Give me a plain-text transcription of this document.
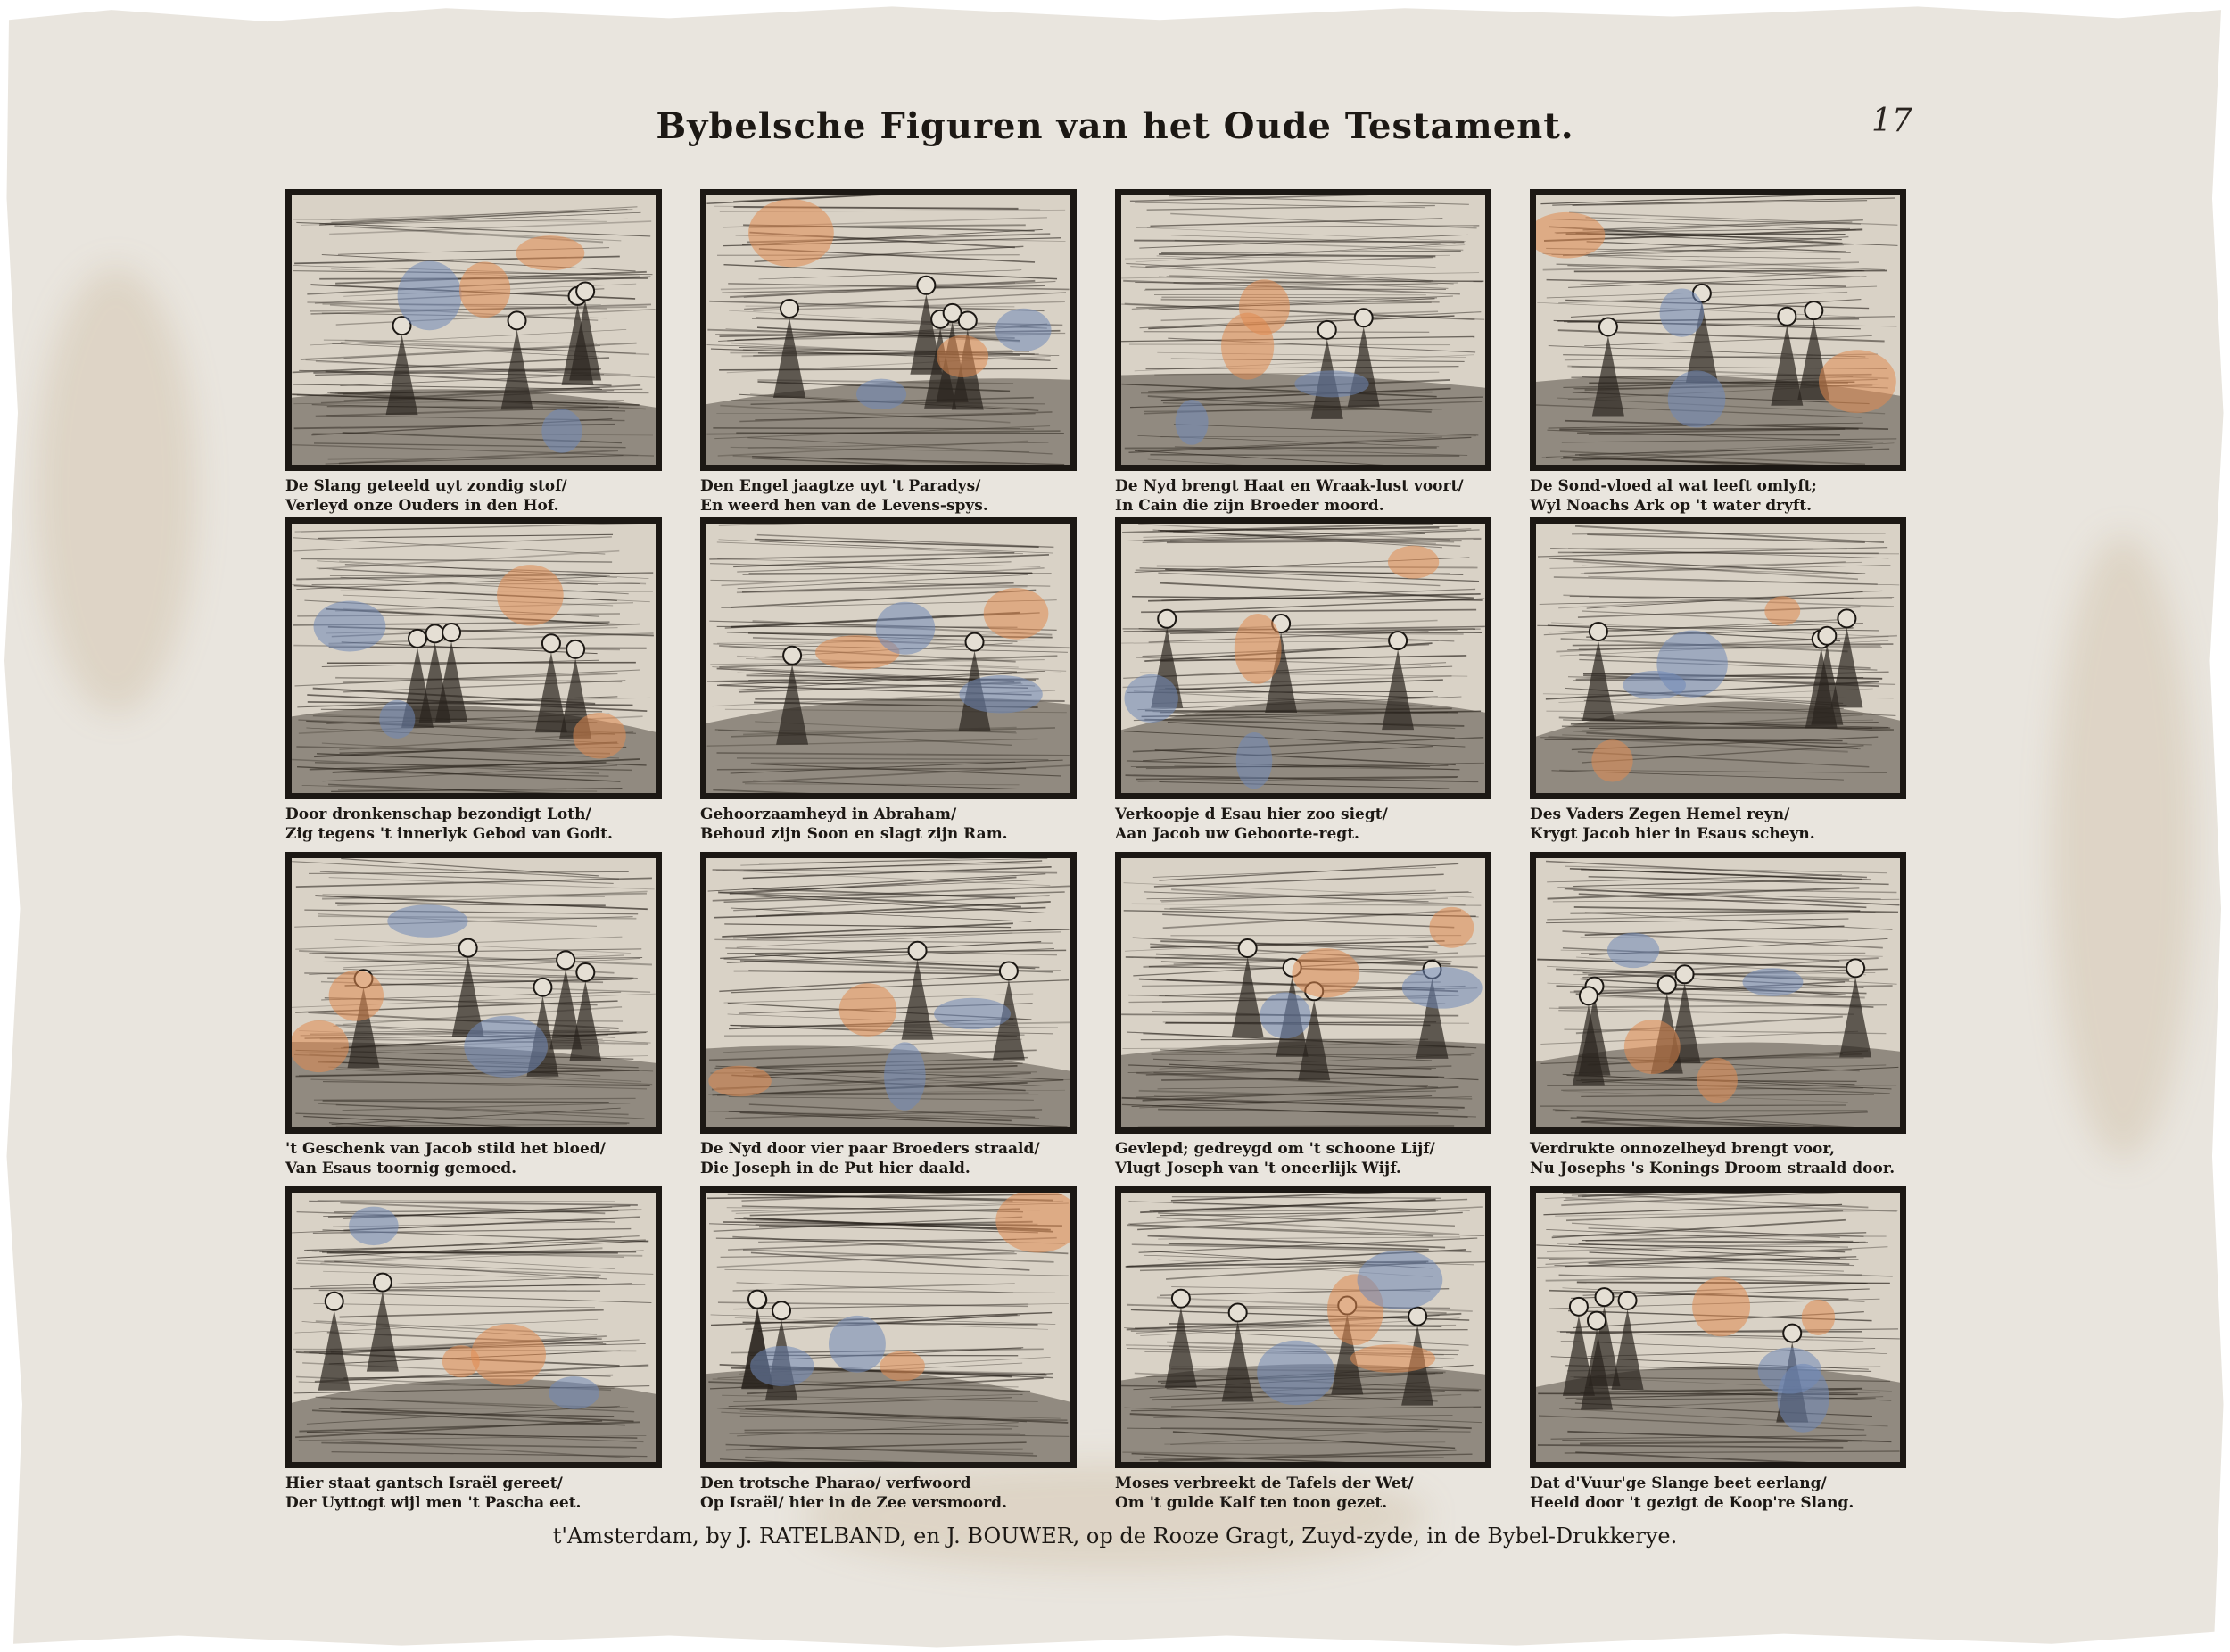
Bybelsche Figuren van het Oude Testament.	17
De Slang geteeld uyt zondig stof/
Verleyd onze Ouders in den Hof.
Den Engel jaagtze uyt 't Paradys/
En weerd hen van de Levens-spys.
De Nyd brengt Haat en Wraak-lust voort/
In Cain die zijn Broeder moord.
De Sond-vloed al wat leeft omlyft;
Wyl Noachs Ark op 't water dryft.
Door dronkenschap bezondigt Loth/
Zig tegens 't innerlyk Gebod van Godt.
Gehoorzaamheyd in Abraham/
Behoud zijn Soon en slagt zijn Ram.
Verkoopje d Esau hier zoo siegt/
Aan Jacob uw Geboorte-regt.
Des Vaders Zegen Hemel reyn/
Krygt Jacob hier in Esaus scheyn.
't Geschenk van Jacob stild het bloed/
Van Esaus toornig gemoed.
De Nyd door vier paar Broeders straald/
Die Joseph in de Put hier daald.
Gevlepd; gedreygd om 't schoone Lijf/
Vlugt Joseph van 't oneerlijk Wijf.
Verdrukte onnozelheyd brengt voor,
Nu Josephs 's Konings Droom straald door.
Hier staat gantsch Israël gereet/
Der Uyttogt wijl men 't Pascha eet.
Den trotsche Pharao/ verfwoord
Op Israël/ hier in de Zee versmoord.
Moses verbreekt de Tafels der Wet/
Om 't gulde Kalf ten toon gezet.
Dat d'Vuur'ge Slange beet eerlang/
Heeld door 't gezigt de Koop're Slang.
t'Amsterdam, by J. RATELBAND, en J. BOUWER, op de Rooze Gragt, Zuyd-zyde, in de Bybel-Drukkerye.
